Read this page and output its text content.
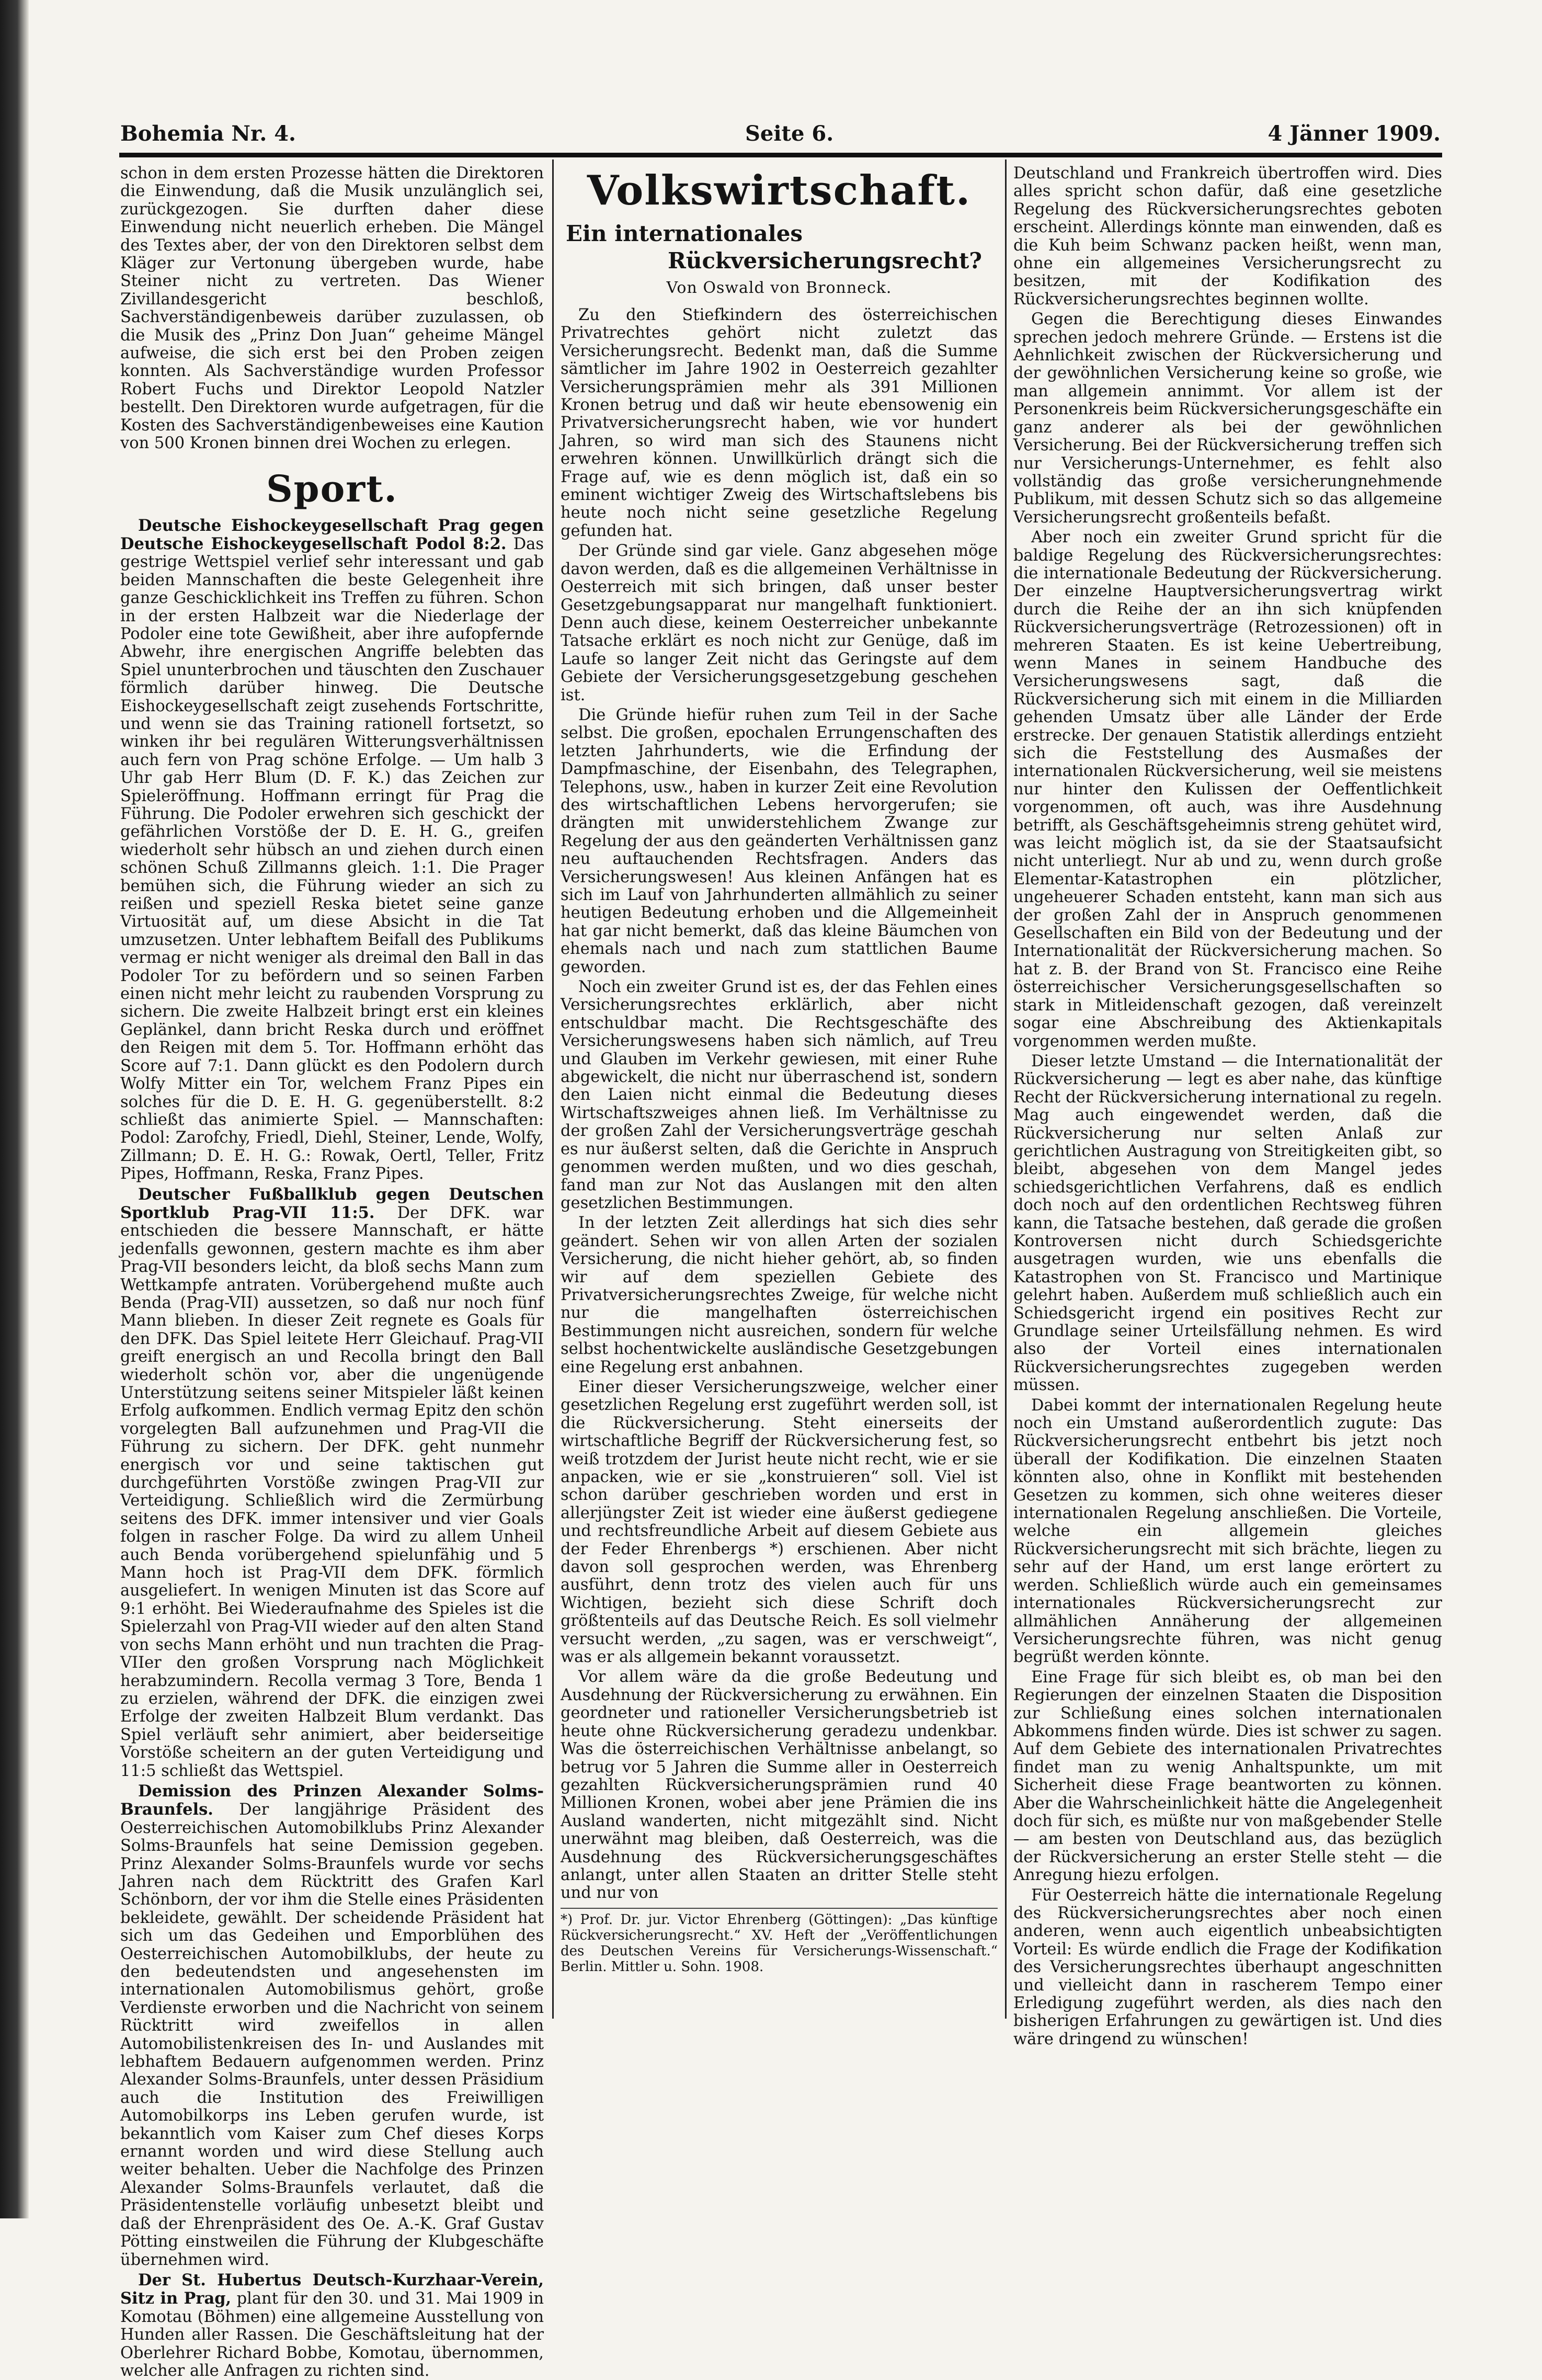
Bohemia Nr. 4.	Seite 6.	4 Jänner 1909.

schon in dem ersten Prozesse hätten die Direktoren die Einwendung, daß die Musik unzulänglich sei, zurückgezogen. Sie durften daher diese Einwendung nicht neuerlich erheben. Die Mängel des Textes aber, der von den Direktoren selbst dem Kläger zur Vertonung übergeben wurde, habe Steiner nicht zu vertreten. Das Wiener Zivillandesgericht beschloß, Sachverständigenbeweis darüber zuzulassen, ob die Musik des „Prinz Don Juan“ geheime Mängel aufweise, die sich erst bei den Proben zeigen konnten. Als Sachverständige wurden Professor Robert Fuchs und Direktor Leopold Natzler bestellt. Den Direktoren wurde aufgetragen, für die Kosten des Sachverständigenbeweises eine Kaution von 500 Kronen binnen drei Wochen zu erlegen.

Sport.

Deutsche Eishockeygesellschaft Prag gegen Deutsche Eishockeygesellschaft Podol 8:2. Das gestrige Wettspiel verlief sehr interessant und gab beiden Mannschaften die beste Gelegenheit ihre ganze Geschicklichkeit ins Treffen zu führen. Schon in der ersten Halbzeit war die Niederlage der Podoler eine tote Gewißheit, aber ihre aufopfernde Abwehr, ihre energischen Angriffe belebten das Spiel ununterbrochen und täuschten den Zuschauer förmlich darüber hinweg. Die Deutsche Eishockeygesellschaft zeigt zusehends Fortschritte, und wenn sie das Training rationell fortsetzt, so winken ihr bei regulären Witterungsverhältnissen auch fern von Prag schöne Erfolge. — Um halb 3 Uhr gab Herr Blum (D. F. K.) das Zeichen zur Spieleröffnung. Hoffmann erringt für Prag die Führung. Die Podoler erwehren sich geschickt der gefährlichen Vorstöße der D. E. H. G., greifen wiederholt sehr hübsch an und ziehen durch einen schönen Schuß Zillmanns gleich. 1:1. Die Prager bemühen sich, die Führung wieder an sich zu reißen und speziell Reska bietet seine ganze Virtuosität auf, um diese Absicht in die Tat umzusetzen. Unter lebhaftem Beifall des Publikums vermag er nicht weniger als dreimal den Ball in das Podoler Tor zu befördern und so seinen Farben einen nicht mehr leicht zu raubenden Vorsprung zu sichern. Die zweite Halbzeit bringt erst ein kleines Geplänkel, dann bricht Reska durch und eröffnet den Reigen mit dem 5. Tor. Hoffmann erhöht das Score auf 7:1. Dann glückt es den Podolern durch Wolfy Mitter ein Tor, welchem Franz Pipes ein solches für die D. E. H. G. gegenüberstellt. 8:2 schließt das animierte Spiel. — Mannschaften: Podol: Zarofchy, Friedl, Diehl, Steiner, Lende, Wolfy, Zillmann; D. E. H. G.: Rowak, Oertl, Teller, Fritz Pipes, Hoffmann, Reska, Franz Pipes.

Deutscher Fußballklub gegen Deutschen Sportklub Prag-VII 11:5. Der DFK. war entschieden die bessere Mannschaft, er hätte jedenfalls gewonnen, gestern machte es ihm aber Prag-VII besonders leicht, da bloß sechs Mann zum Wettkampfe antraten. Vorübergehend mußte auch Benda (Prag-VII) aussetzen, so daß nur noch fünf Mann blieben. In dieser Zeit regnete es Goals für den DFK. Das Spiel leitete Herr Gleichauf. Prag-VII greift energisch an und Recolla bringt den Ball wiederholt schön vor, aber die ungenügende Unterstützung seitens seiner Mitspieler läßt keinen Erfolg aufkommen. Endlich vermag Epitz den schön vorgelegten Ball aufzunehmen und Prag-VII die Führung zu sichern. Der DFK. geht nunmehr energisch vor und seine taktischen gut durchgeführten Vorstöße zwingen Prag-VII zur Verteidigung. Schließlich wird die Zermürbung seitens des DFK. immer intensiver und vier Goals folgen in rascher Folge. Da wird zu allem Unheil auch Benda vorübergehend spielunfähig und 5 Mann hoch ist Prag-VII dem DFK. förmlich ausgeliefert. In wenigen Minuten ist das Score auf 9:1 erhöht. Bei Wiederaufnahme des Spieles ist die Spielerzahl von Prag-VII wieder auf den alten Stand von sechs Mann erhöht und nun trachten die Prag-VIIer den großen Vorsprung nach Möglichkeit herabzumindern. Recolla vermag 3 Tore, Benda 1 zu erzielen, während der DFK. die einzigen zwei Erfolge der zweiten Halbzeit Blum verdankt. Das Spiel verläuft sehr animiert, aber beiderseitige Vorstöße scheitern an der guten Verteidigung und 11:5 schließt das Wettspiel.

Demission des Prinzen Alexander Solms-Braunfels. Der langjährige Präsident des Oesterreichischen Automobilklubs Prinz Alexander Solms-Braunfels hat seine Demission gegeben. Prinz Alexander Solms-Braunfels wurde vor sechs Jahren nach dem Rücktritt des Grafen Karl Schönborn, der vor ihm die Stelle eines Präsidenten bekleidete, gewählt. Der scheidende Präsident hat sich um das Gedeihen und Emporblühen des Oesterreichischen Automobilklubs, der heute zu den bedeutendsten und angesehensten im internationalen Automobilismus gehört, große Verdienste erworben und die Nachricht von seinem Rücktritt wird zweifellos in allen Automobilistenkreisen des In- und Auslandes mit lebhaftem Bedauern aufgenommen werden. Prinz Alexander Solms-Braunfels, unter dessen Präsidium auch die Institution des Freiwilligen Automobilkorps ins Leben gerufen wurde, ist bekanntlich vom Kaiser zum Chef dieses Korps ernannt worden und wird diese Stellung auch weiter behalten. Ueber die Nachfolge des Prinzen Alexander Solms-Braunfels verlautet, daß die Präsidentenstelle vorläufig unbesetzt bleibt und daß der Ehrenpräsident des Oe. A.-K. Graf Gustav Pötting einstweilen die Führung der Klubgeschäfte übernehmen wird.

Der St. Hubertus Deutsch-Kurzhaar-Verein, Sitz in Prag, plant für den 30. und 31. Mai 1909 in Komotau (Böhmen) eine allgemeine Ausstellung von Hunden aller Rassen. Die Geschäftsleitung hat der Oberlehrer Richard Bobbe, Komotau, übernommen, welcher alle Anfragen zu richten sind.

Volkswirtschaft.
Ein internationales
Rückversicherungsrecht?
Von Oswald von Bronneck.

Zu den Stiefkindern des österreichischen Privatrechtes gehört nicht zuletzt das Versicherungsrecht. Bedenkt man, daß die Summe sämtlicher im Jahre 1902 in Oesterreich gezahlter Versicherungsprämien mehr als 391 Millionen Kronen betrug und daß wir heute ebensowenig ein Privatversicherungsrecht haben, wie vor hundert Jahren, so wird man sich des Staunens nicht erwehren können. Unwillkürlich drängt sich die Frage auf, wie es denn möglich ist, daß ein so eminent wichtiger Zweig des Wirtschaftslebens bis heute noch nicht seine gesetzliche Regelung gefunden hat.

Der Gründe sind gar viele. Ganz abgesehen möge davon werden, daß es die allgemeinen Verhältnisse in Oesterreich mit sich bringen, daß unser bester Gesetzgebungsapparat nur mangelhaft funktioniert. Denn auch diese, keinem Oesterreicher unbekannte Tatsache erklärt es noch nicht zur Genüge, daß im Laufe so langer Zeit nicht das Geringste auf dem Gebiete der Versicherungsgesetzgebung geschehen ist.

Die Gründe hiefür ruhen zum Teil in der Sache selbst. Die großen, epochalen Errungenschaften des letzten Jahrhunderts, wie die Erfindung der Dampfmaschine, der Eisenbahn, des Telegraphen, Telephons, usw., haben in kurzer Zeit eine Revolution des wirtschaftlichen Lebens hervorgerufen; sie drängten mit unwiderstehlichem Zwange zur Regelung der aus den geänderten Verhältnissen ganz neu auftauchenden Rechtsfragen. Anders das Versicherungswesen! Aus kleinen Anfängen hat es sich im Lauf von Jahrhunderten allmählich zu seiner heutigen Bedeutung erhoben und die Allgemeinheit hat gar nicht bemerkt, daß das kleine Bäumchen von ehemals nach und nach zum stattlichen Baume geworden.

Noch ein zweiter Grund ist es, der das Fehlen eines Versicherungsrechtes erklärlich, aber nicht entschuldbar macht. Die Rechtsgeschäfte des Versicherungswesens haben sich nämlich, auf Treu und Glauben im Verkehr gewiesen, mit einer Ruhe abgewickelt, die nicht nur überraschend ist, sondern den Laien nicht einmal die Bedeutung dieses Wirtschaftszweiges ahnen ließ. Im Verhältnisse zu der großen Zahl der Versicherungsverträge geschah es nur äußerst selten, daß die Gerichte in Anspruch genommen werden mußten, und wo dies geschah, fand man zur Not das Auslangen mit den alten gesetzlichen Bestimmungen.

In der letzten Zeit allerdings hat sich dies sehr geändert. Sehen wir von allen Arten der sozialen Versicherung, die nicht hieher gehört, ab, so finden wir auf dem speziellen Gebiete des Privatversicherungsrechtes Zweige, für welche nicht nur die mangelhaften österreichischen Bestimmungen nicht ausreichen, sondern für welche selbst hochentwickelte ausländische Gesetzgebungen eine Regelung erst anbahnen.

Einer dieser Versicherungszweige, welcher einer gesetzlichen Regelung erst zugeführt werden soll, ist die Rückversicherung. Steht einerseits der wirtschaftliche Begriff der Rückversicherung fest, so weiß trotzdem der Jurist heute nicht recht, wie er sie anpacken, wie er sie „konstruieren“ soll. Viel ist schon darüber geschrieben worden und erst in allerjüngster Zeit ist wieder eine äußerst gediegene und rechtsfreundliche Arbeit auf diesem Gebiete aus der Feder Ehrenbergs *) erschienen. Aber nicht davon soll gesprochen werden, was Ehrenberg ausführt, denn trotz des vielen auch für uns Wichtigen, bezieht sich diese Schrift doch größtenteils auf das Deutsche Reich. Es soll vielmehr versucht werden, „zu sagen, was er verschweigt“, was er als allgemein bekannt voraussetzt.

Vor allem wäre da die große Bedeutung und Ausdehnung der Rückversicherung zu erwähnen. Ein geordneter und rationeller Versicherungsbetrieb ist heute ohne Rückversicherung geradezu undenkbar. Was die österreichischen Verhältnisse anbelangt, so betrug vor 5 Jahren die Summe aller in Oesterreich gezahlten Rückversicherungsprämien rund 40 Millionen Kronen, wobei aber jene Prämien die ins Ausland wanderten, nicht mitgezählt sind. Nicht unerwähnt mag bleiben, daß Oesterreich, was die Ausdehnung des Rückversicherungsgeschäftes anlangt, unter allen Staaten an dritter Stelle steht und nur von

*) Prof. Dr. jur. Victor Ehrenberg (Göttingen): „Das künftige Rückversicherungsrecht.“ XV. Heft der „Veröffentlichungen des Deutschen Vereins für Versicherungs-Wissenschaft.“ Berlin. Mittler u. Sohn. 1908.

Deutschland und Frankreich übertroffen wird. Dies alles spricht schon dafür, daß eine gesetzliche Regelung des Rückversicherungsrechtes geboten erscheint. Allerdings könnte man einwenden, daß es die Kuh beim Schwanz packen heißt, wenn man, ohne ein allgemeines Versicherungsrecht zu besitzen, mit der Kodifikation des Rückversicherungsrechtes beginnen wollte.

Gegen die Berechtigung dieses Einwandes sprechen jedoch mehrere Gründe. — Erstens ist die Aehnlichkeit zwischen der Rückversicherung und der gewöhnlichen Versicherung keine so große, wie man allgemein annimmt. Vor allem ist der Personenkreis beim Rückversicherungsgeschäfte ein ganz anderer als bei der gewöhnlichen Versicherung. Bei der Rückversicherung treffen sich nur Versicherungs-Unternehmer, es fehlt also vollständig das große versicherungnehmende Publikum, mit dessen Schutz sich so das allgemeine Versicherungsrecht großenteils befaßt.

Aber noch ein zweiter Grund spricht für die baldige Regelung des Rückversicherungsrechtes: die internationale Bedeutung der Rückversicherung. Der einzelne Hauptversicherungsvertrag wirkt durch die Reihe der an ihn sich knüpfenden Rückversicherungsverträge (Retrozessionen) oft in mehreren Staaten. Es ist keine Uebertreibung, wenn Manes in seinem Handbuche des Versicherungswesens sagt, daß die Rückversicherung sich mit einem in die Milliarden gehenden Umsatz über alle Länder der Erde erstrecke. Der genauen Statistik allerdings entzieht sich die Feststellung des Ausmaßes der internationalen Rückversicherung, weil sie meistens nur hinter den Kulissen der Oeffentlichkeit vorgenommen, oft auch, was ihre Ausdehnung betrifft, als Geschäftsgeheimnis streng gehütet wird, was leicht möglich ist, da sie der Staatsaufsicht nicht unterliegt. Nur ab und zu, wenn durch große Elementar-Katastrophen ein plötzlicher, ungeheuerer Schaden entsteht, kann man sich aus der großen Zahl der in Anspruch genommenen Gesellschaften ein Bild von der Bedeutung und der Internationalität der Rückversicherung machen. So hat z. B. der Brand von St. Francisco eine Reihe österreichischer Versicherungsgesellschaften so stark in Mitleidenschaft gezogen, daß vereinzelt sogar eine Abschreibung des Aktienkapitals vorgenommen werden mußte.

Dieser letzte Umstand — die Internationalität der Rückversicherung — legt es aber nahe, das künftige Recht der Rückversicherung international zu regeln. Mag auch eingewendet werden, daß die Rückversicherung nur selten Anlaß zur gerichtlichen Austragung von Streitigkeiten gibt, so bleibt, abgesehen von dem Mangel jedes schiedsgerichtlichen Verfahrens, daß es endlich doch noch auf den ordentlichen Rechtsweg führen kann, die Tatsache bestehen, daß gerade die großen Kontroversen nicht durch Schiedsgerichte ausgetragen wurden, wie uns ebenfalls die Katastrophen von St. Francisco und Martinique gelehrt haben. Außerdem muß schließlich auch ein Schiedsgericht irgend ein positives Recht zur Grundlage seiner Urteilsfällung nehmen. Es wird also der Vorteil eines internationalen Rückversicherungsrechtes zugegeben werden müssen.

Dabei kommt der internationalen Regelung heute noch ein Umstand außerordentlich zugute: Das Rückversicherungsrecht entbehrt bis jetzt noch überall der Kodifikation. Die einzelnen Staaten könnten also, ohne in Konflikt mit bestehenden Gesetzen zu kommen, sich ohne weiteres dieser internationalen Regelung anschließen. Die Vorteile, welche ein allgemein gleiches Rückversicherungsrecht mit sich brächte, liegen zu sehr auf der Hand, um erst lange erörtert zu werden. Schließlich würde auch ein gemeinsames internationales Rückversicherungsrecht zur allmählichen Annäherung der allgemeinen Versicherungsrechte führen, was nicht genug begrüßt werden könnte.

Eine Frage für sich bleibt es, ob man bei den Regierungen der einzelnen Staaten die Disposition zur Schließung eines solchen internationalen Abkommens finden würde. Dies ist schwer zu sagen. Auf dem Gebiete des internationalen Privatrechtes findet man zu wenig Anhaltspunkte, um mit Sicherheit diese Frage beantworten zu können. Aber die Wahrscheinlichkeit hätte die Angelegenheit doch für sich, es müßte nur von maßgebender Stelle — am besten von Deutschland aus, das bezüglich der Rückversicherung an erster Stelle steht — die Anregung hiezu erfolgen.

Für Oesterreich hätte die internationale Regelung des Rückversicherungsrechtes aber noch einen anderen, wenn auch eigentlich unbeabsichtigten Vorteil: Es würde endlich die Frage der Kodifikation des Versicherungsrechtes überhaupt angeschnitten und vielleicht dann in rascherem Tempo einer Erledigung zugeführt werden, als dies nach den bisherigen Erfahrungen zu gewärtigen ist. Und dies wäre dringend zu wünschen!
